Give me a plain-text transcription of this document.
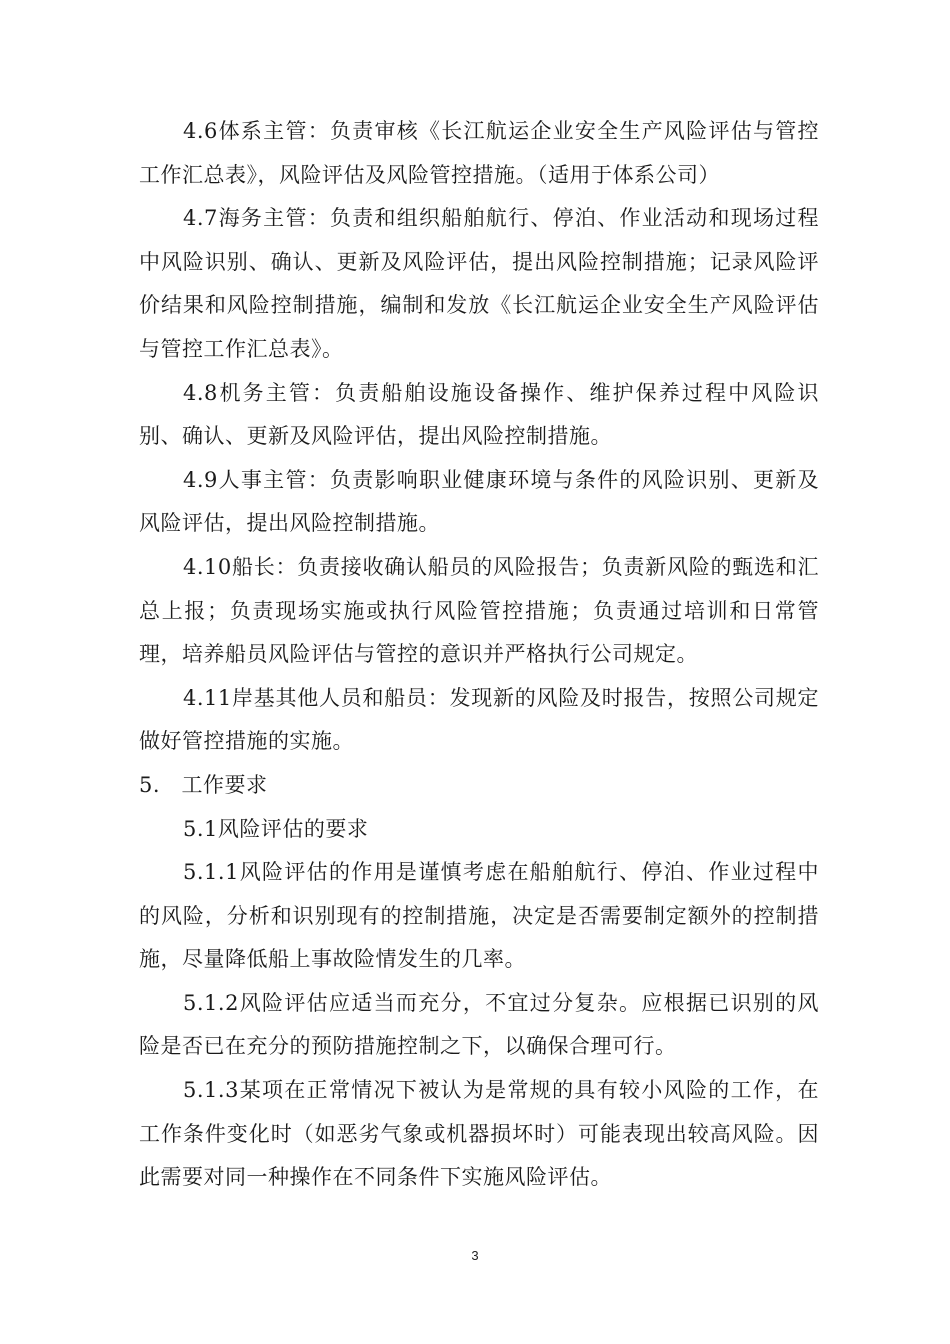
4.6体系主管：负责审核《长江航运企业安全生产风险评估与管控工作汇总表》，风险评估及风险管控措施。（适用于体系公司）

4.7海务主管：负责和组织船舶航行、停泊、作业活动和现场过程中风险识别、确认、更新及风险评估，提出风险控制措施；记录风险评价结果和风险控制措施，编制和发放《长江航运企业安全生产风险评估与管控工作汇总表》。

4.8机务主管：负责船舶设施设备操作、维护保养过程中风险识别、确认、更新及风险评估，提出风险控制措施。

4.9人事主管：负责影响职业健康环境与条件的风险识别、更新及风险评估，提出风险控制措施。

4.10船长：负责接收确认船员的风险报告；负责新风险的甄选和汇总上报；负责现场实施或执行风险管控措施；负责通过培训和日常管理，培养船员风险评估与管控的意识并严格执行公司规定。

4.11岸基其他人员和船员：发现新的风险及时报告，按照公司规定做好管控措施的实施。

5.　工作要求

5.1风险评估的要求

5.1.1风险评估的作用是谨慎考虑在船舶航行、停泊、作业过程中的风险，分析和识别现有的控制措施，决定是否需要制定额外的控制措施，尽量降低船上事故险情发生的几率。

5.1.2风险评估应适当而充分，不宜过分复杂。应根据已识别的风险是否已在充分的预防措施控制之下，以确保合理可行。

5.1.3某项在正常情况下被认为是常规的具有较小风险的工作，在工作条件变化时（如恶劣气象或机器损坏时）可能表现出较高风险。因此需要对同一种操作在不同条件下实施风险评估。

3
